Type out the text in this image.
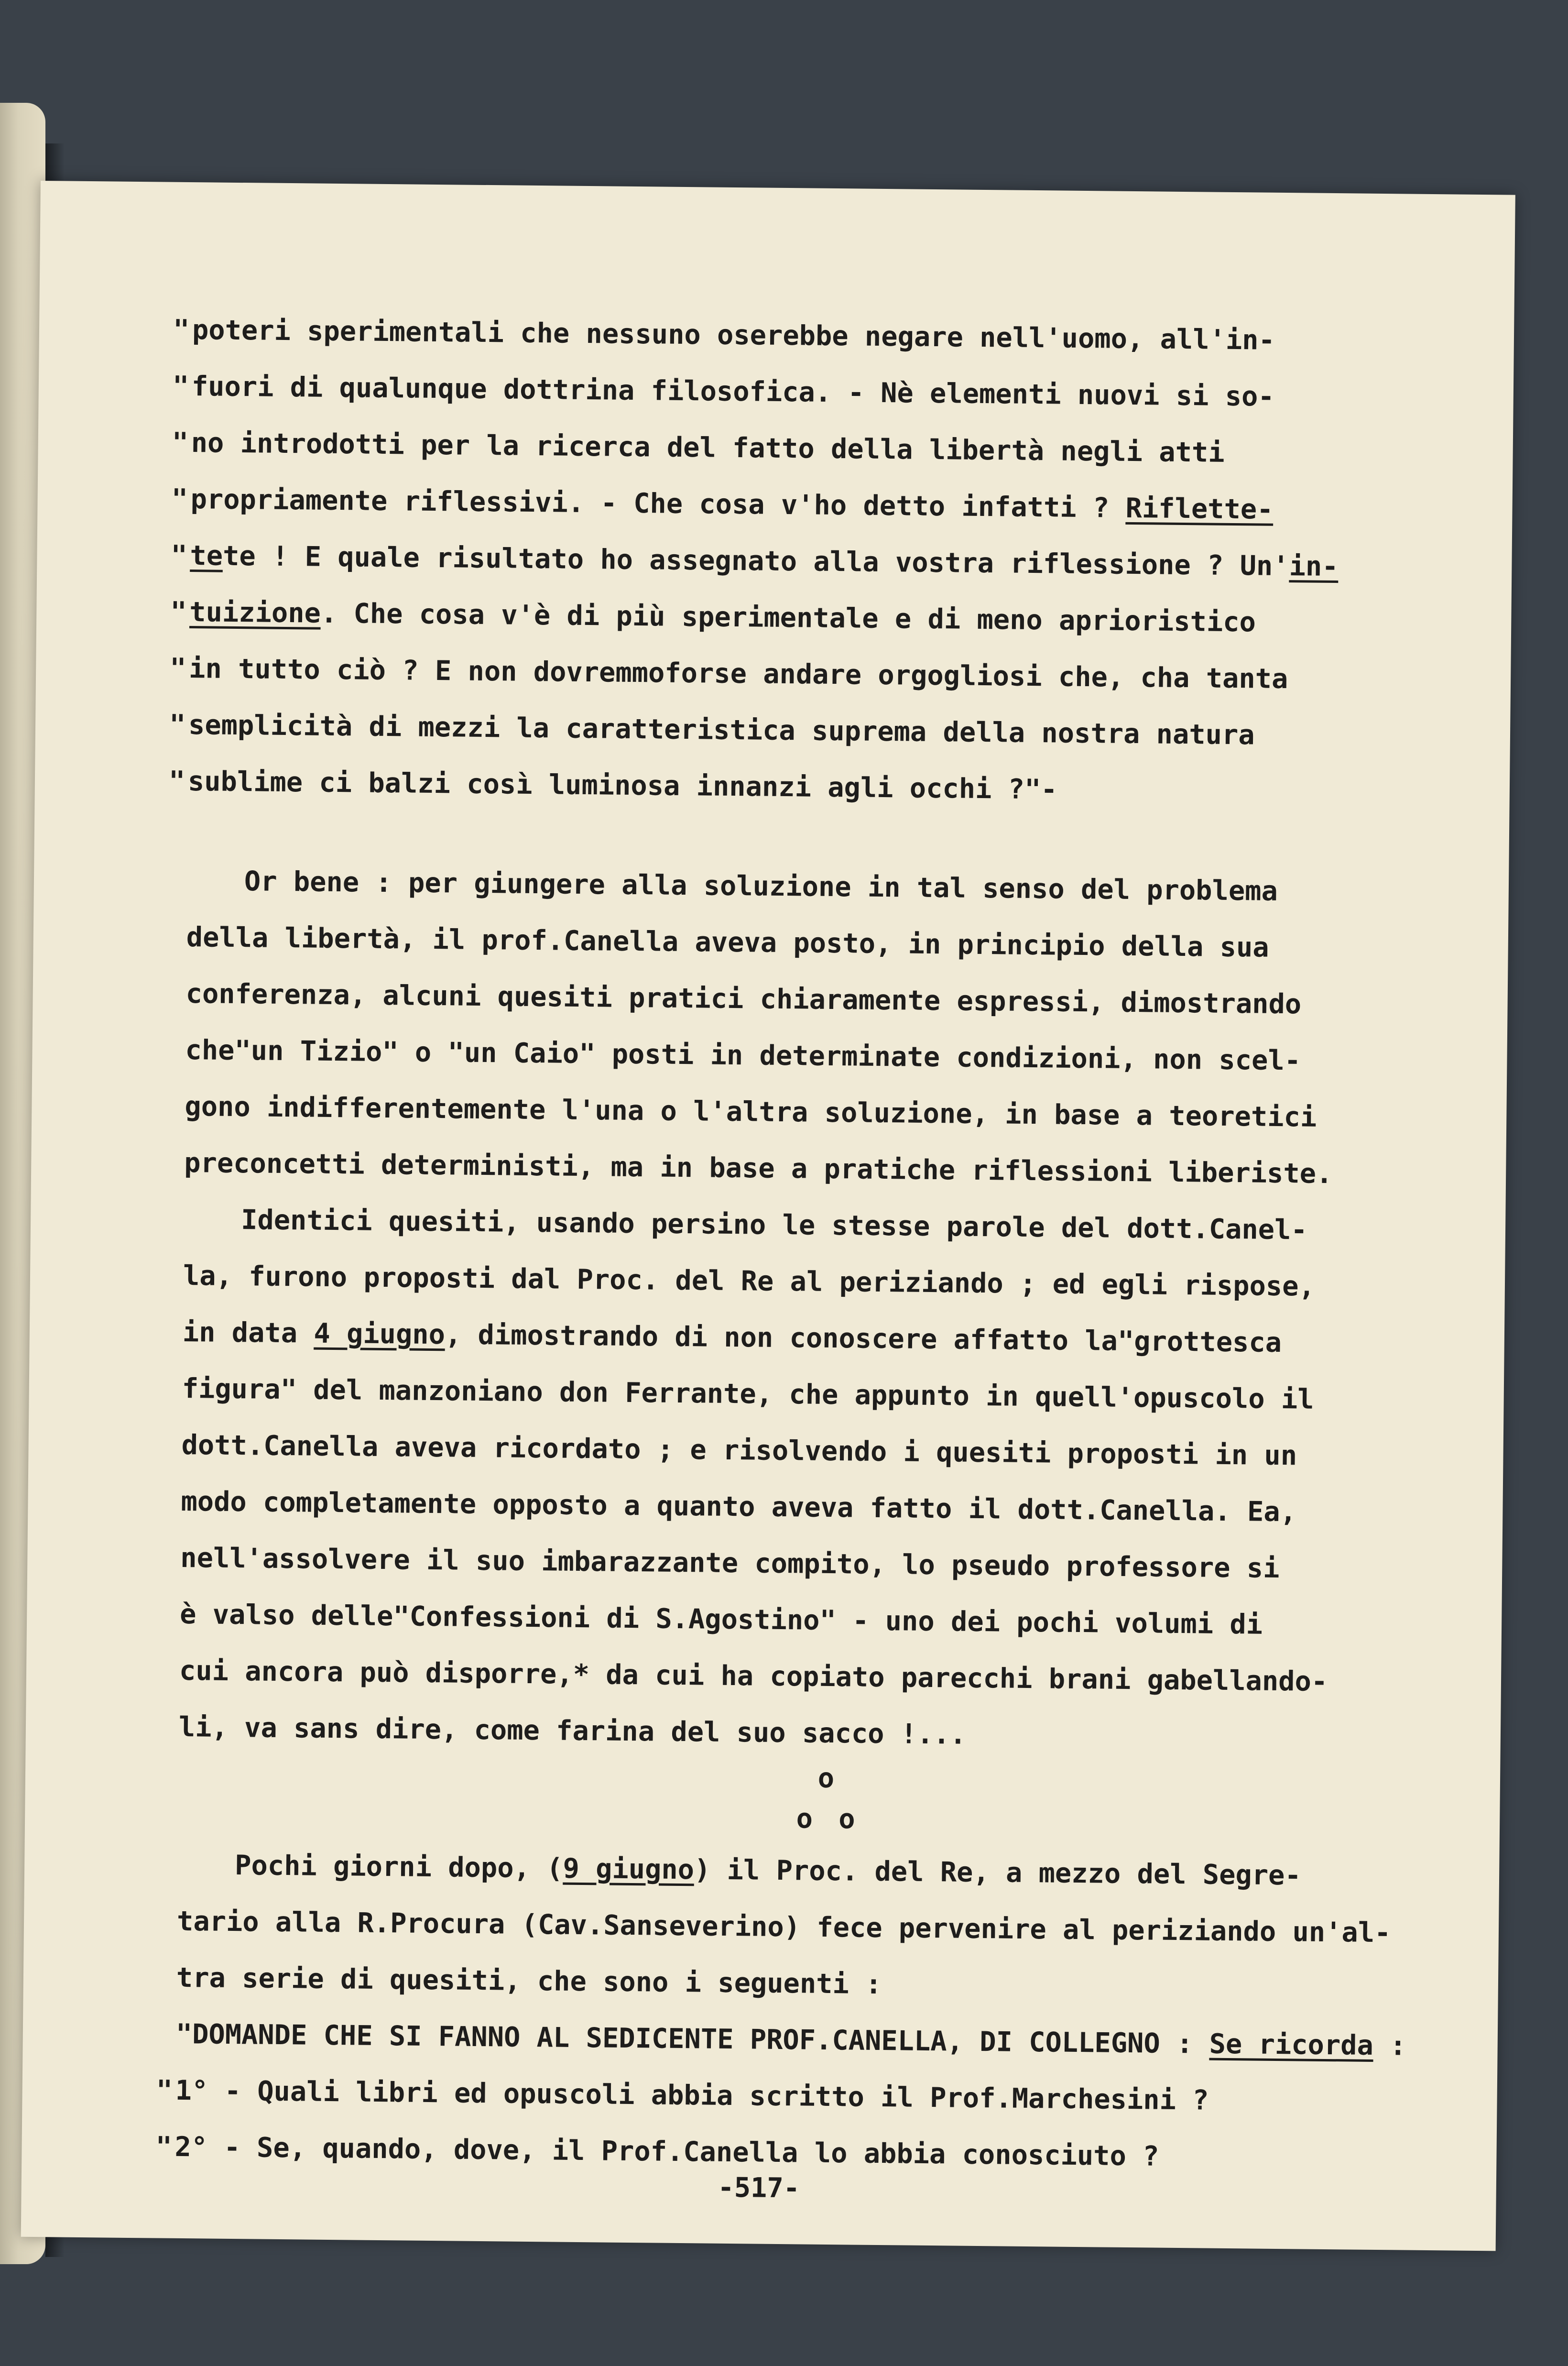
"poteri sperimentali che nessuno oserebbe negare nell'uomo, all'in-
"fuori di qualunque dottrina filosofica. - Nè elementi nuovi si so-
"no introdotti per la ricerca del fatto della libertà negli atti
"propriamente riflessivi. - Che cosa v'ho detto infatti ? Riflette-
"tete ! E quale risultato ho assegnato alla vostra riflessione ? Un'in-
"tuizione. Che cosa v'è di più sperimentale e di meno aprioristico
"in tutto ciò ? E non dovremmoforse andare orgogliosi che, cha tanta
"semplicità di mezzi la caratteristica suprema della nostra natura
"sublime ci balzi così luminosa innanzi agli occhi ?"-
Or bene : per giungere alla soluzione in tal senso del problema
della libertà, il prof.Canella aveva posto, in principio della sua
conferenza, alcuni quesiti pratici chiaramente espressi, dimostrando
che"un Tizio" o "un Caio" posti in determinate condizioni, non scel-
gono indifferentemente l'una o l'altra soluzione, in base a teoretici
preconcetti deterministi, ma in base a pratiche riflessioni liberiste.
Identici quesiti, usando persino le stesse parole del dott.Canel-
la, furono proposti dal Proc. del Re al periziando ; ed egli rispose,
in data 4 giugno, dimostrando di non conoscere affatto la"grottesca
figura" del manzoniano don Ferrante, che appunto in quell'opuscolo il
dott.Canella aveva ricordato ; e risolvendo i quesiti proposti in un
modo completamente opposto a quanto aveva fatto il dott.Canella. Ea,
nell'assolvere il suo imbarazzante compito, lo pseudo professore si
è valso delle"Confessioni di S.Agostino" - uno dei pochi volumi di
cui ancora può disporre,* da cui ha copiato parecchi brani gabellando-
li, va sans dire, come farina del suo sacco !...
o
o o
Pochi giorni dopo, (9 giugno) il Proc. del Re, a mezzo del Segre-
tario alla R.Procura (Cav.Sanseverino) fece pervenire al periziando un'al-
tra serie di quesiti, che sono i seguenti :
"DOMANDE CHE SI FANNO AL SEDICENTE PROF.CANELLA, DI COLLEGNO : Se ricorda :
"1° - Quali libri ed opuscoli abbia scritto il Prof.Marchesini ?
"2° - Se, quando, dove, il Prof.Canella lo abbia conosciuto ?
-517-
